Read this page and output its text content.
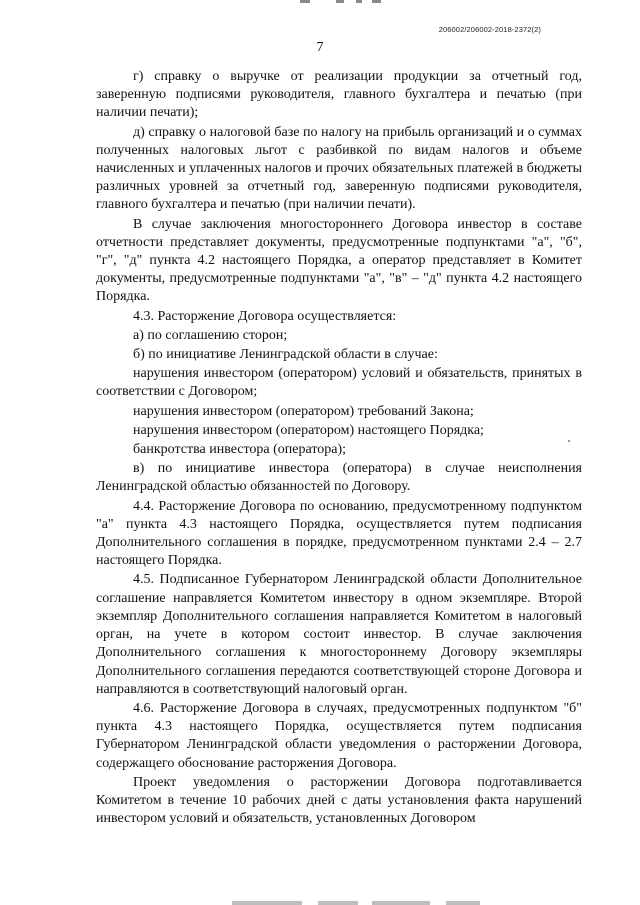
206002/206002-2018-2372(2)
7

г) справку о выручке от реализации продукции за отчетный год, заверенную подписями руководителя, главного бухгалтера и печатью (при наличии печати);

д) справку о налоговой базе по налогу на прибыль организаций и о суммах полученных налоговых льгот с разбивкой по видам налогов и объеме начисленных и уплаченных налогов и прочих обязательных платежей в бюджеты различных уровней за отчетный год, заверенную подписями руководителя, главного бухгалтера и печатью (при наличии печати).

В случае заключения многостороннего Договора инвестор в составе отчетности представляет документы, предусмотренные подпунктами "а", "б", "г", "д" пункта 4.2 настоящего Порядка, а оператор представляет в Комитет документы, предусмотренные подпунктами "а", "в" – "д" пункта 4.2 настоящего Порядка.

4.3. Расторжение Договора осуществляется:

а) по соглашению сторон;

б) по инициативе Ленинградской области в случае:

нарушения инвестором (оператором) условий и обязательств, принятых в соответствии с Договором;

нарушения инвестором (оператором) требований Закона;

нарушения инвестором (оператором) настоящего Порядка;

банкротства инвестора (оператора);

в) по инициативе инвестора (оператора) в случае неисполнения Ленинградской областью обязанностей по Договору.

4.4. Расторжение Договора по основанию, предусмотренному подпунктом "а" пункта 4.3 настоящего Порядка, осуществляется путем подписания Дополнительного соглашения в порядке, предусмотренном пунктами 2.4 – 2.7 настоящего Порядка.

4.5. Подписанное Губернатором Ленинградской области Дополнительное соглашение направляется Комитетом инвестору в одном экземпляре. Второй экземпляр Дополнительного соглашения направляется Комитетом в налоговый орган, на учете в котором состоит инвестор. В случае заключения Дополнительного соглашения к многостороннему Договору экземпляры Дополнительного соглашения передаются соответствующей стороне Договора и направляются в соответствующий налоговый орган.

4.6. Расторжение Договора в случаях, предусмотренных подпунктом "б" пункта 4.3 настоящего Порядка, осуществляется путем подписания Губернатором Ленинградской области уведомления о расторжении Договора, содержащего обоснование расторжения Договора.

Проект уведомления о расторжении Договора подготавливается Комитетом в течение 10 рабочих дней с даты установления факта нарушений инвестором условий и обязательств, установленных Договором
